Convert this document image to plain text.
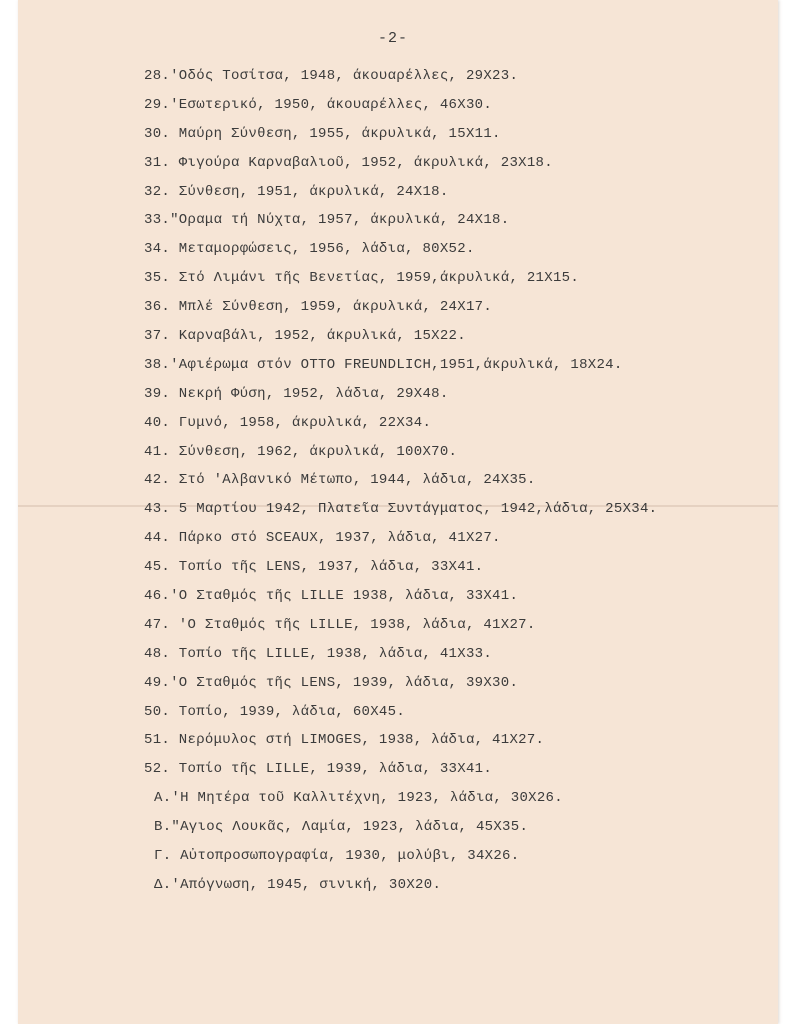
-2-
28.'Οδός Τοσίτσα, 1948, άκουαρέλλες, 29Χ23.
29.'Εσωτερικό, 1950, άκουαρέλλες, 46Χ30.
30. Μαύρη Σύνθεση, 1955, άκρυλικά, 15Χ11.
31. Φιγούρα Καρναβαλιοῦ, 1952, άκρυλικά, 23Χ18.
32. Σύνθεση, 1951, άκρυλικά, 24Χ18.
33."Οραμα τή Νύχτα, 1957, άκρυλικά, 24Χ18.
34. Μεταμορφώσεις, 1956, λάδια, 80Χ52.
35. Στό Λιμάνι τῆς Βενετίας, 1959,άκρυλικά, 21Χ15.
36. Μπλέ Σύνθεση, 1959, άκρυλικά, 24Χ17.
37. Καρναβάλι, 1952, άκρυλικά, 15Χ22.
38.'Αφιέρωμα στόν OTTO FREUNDLICH,1951,άκρυλικά, 18Χ24.
39. Νεκρή Φύση, 1952, λάδια, 29Χ48.
40. Γυμνό, 1958, άκρυλικά, 22Χ34.
41. Σύνθεση, 1962, άκρυλικά, 100Χ70.
42. Στό 'Αλβανικό Μέτωπο, 1944, λάδια, 24Χ35.
43. 5 Μαρτίου 1942, Πλατεῖα Συντάγματος, 1942,λάδια, 25Χ34.
44. Πάρκο στό SCEAUX, 1937, λάδια, 41Χ27.
45. Τοπίο τῆς LENS, 1937, λάδια, 33Χ41.
46.'Ο Σταθμός τῆς LILLE 1938, λάδια, 33Χ41.
47. 'Ο Σταθμός τῆς LILLE, 1938, λάδια, 41Χ27.
48. Τοπίο τῆς LILLE, 1938, λάδια, 41Χ33.
49.'Ο Σταθμός τῆς LENS, 1939, λάδια, 39Χ30.
50. Τοπίο, 1939, λάδια, 60Χ45.
51. Νερόμυλος στή LIMOGES, 1938, λάδια, 41Χ27.
52. Τοπίο τῆς LILLE, 1939, λάδια, 33Χ41.
Α.'Η Μητέρα τοῦ Καλλιτέχνη, 1923, λάδια, 30Χ26.
Β."Αγιος Λουκᾶς, Λαμία, 1923, λάδια, 45Χ35.
Γ. Αὐτοπροσωπογραφία, 1930, μολύβι, 34Χ26.
Δ.'Απόγνωση, 1945, σινική, 30Χ20.
